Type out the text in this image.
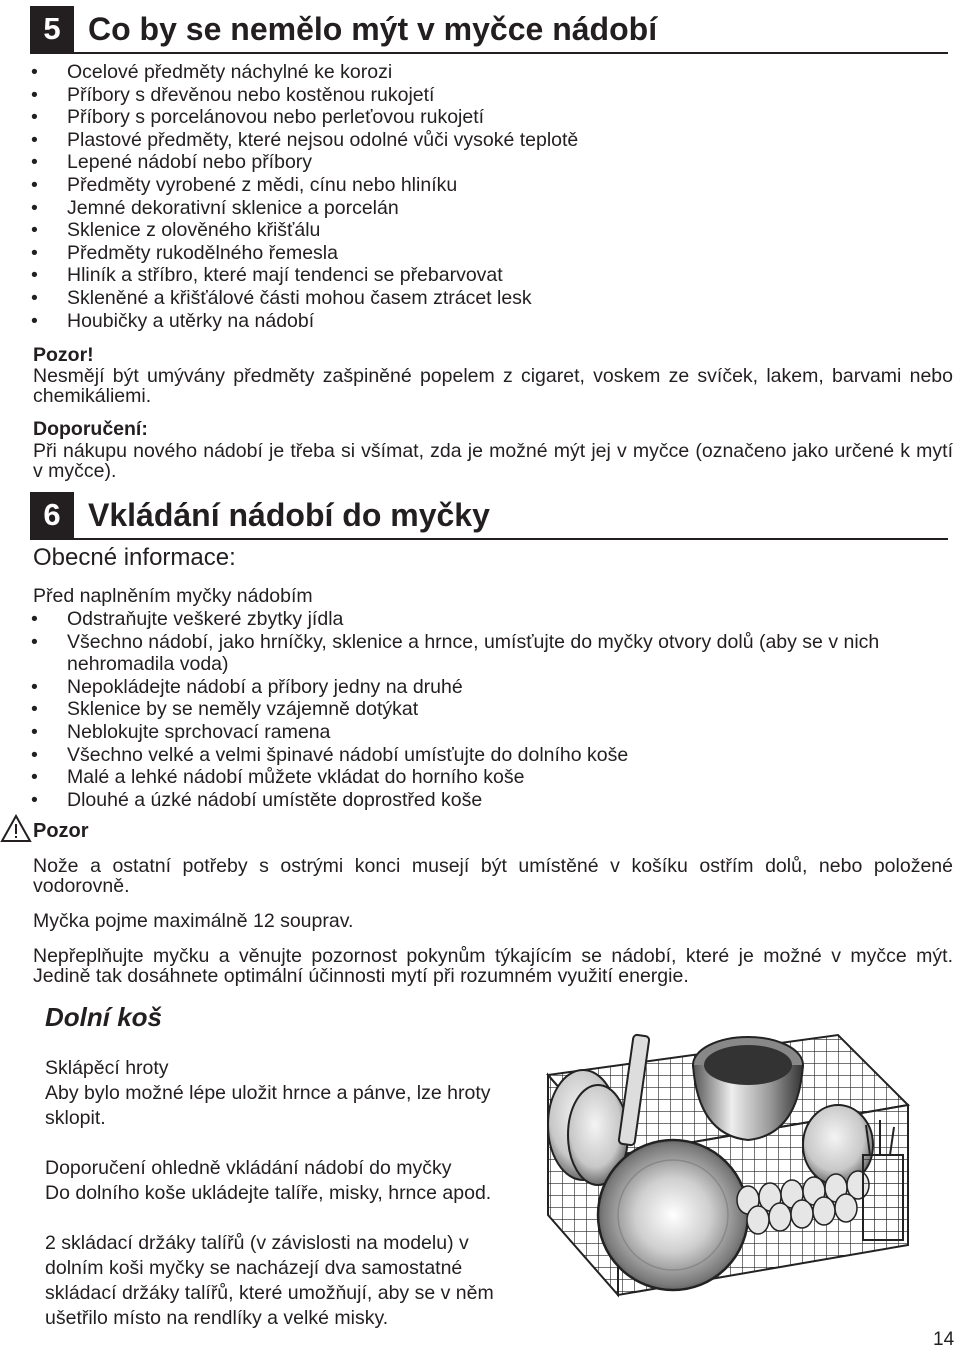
5 Co by se nemělo mýt v myčce nádobí
• Ocelové předměty náchylné ke korozi
• Příbory s dřevěnou nebo kostěnou rukojetí
• Příbory s porcelánovou nebo perleťovou rukojetí
• Plastové předměty, které nejsou odolné vůči vysoké teplotě
• Lepené nádobí nebo příbory
• Předměty vyrobené z mědi, cínu nebo hliníku
• Jemné dekorativní sklenice a porcelán
• Sklenice z olověného křišťálu
• Předměty rukodělného řemesla
• Hliník a stříbro, které mají tendenci se přebarvovat
• Skleněné a křišťálové části mohou časem ztrácet lesk
• Houbičky a utěrky na nádobí
Pozor!

Nesmějí být umývány předměty zašpiněné popelem z cigaret, voskem ze svíček, lakem, barvami nebo chemikáliemi.

Doporučení:

Při nákupu nového nádobí je třeba si všímat, zda je možné mýt jej v myčce (označeno jako určené k mytí v myčce).

6 Vkládání nádobí do myčky
Obecné informace:
Před naplněním myčky nádobím
• Odstraňujte veškeré zbytky jídla
• Všechno nádobí, jako hrníčky, sklenice a hrnce, umísťujte do myčky otvory dolů (aby se v nich nehromadila voda)
• Nepokládejte nádobí a příbory jedny na druhé
• Sklenice by se neměly vzájemně dotýkat
• Neblokujte sprchovací ramena
• Všechno velké a velmi špinavé nádobí umísťujte do dolního koše
• Malé a lehké nádobí můžete vkládat do horního koše
• Dlouhé a úzké nádobí umístěte doprostřed koše
Pozor

Nože a ostatní potřeby s ostrými konci musejí být umístěné v košíku ostřím dolů, nebo položené vodorovně.

Myčka pojme maximálně 12 souprav.

Nepřeplňujte myčku a věnujte pozornost pokynům týkajícím se nádobí, které je možné v myčce mýt. Jedině tak dosáhnete optimální účinnosti mytí při rozumném využití energie.

Dolní koš
Sklápěcí hroty

Aby bylo možné lépe uložit hrnce a pánve, lze hroty sklopit.

Doporučení ohledně vkládání nádobí do myčky

Do dolního koše ukládejte talíře, misky, hrnce apod.

2 skládací držáky talířů (v závislosti na modelu) v dolním koši myčky se nacházejí dva samostatné skládací držáky talířů, které umožňují, aby se v něm ušetřilo místo na rendlíky a velké misky.

14
